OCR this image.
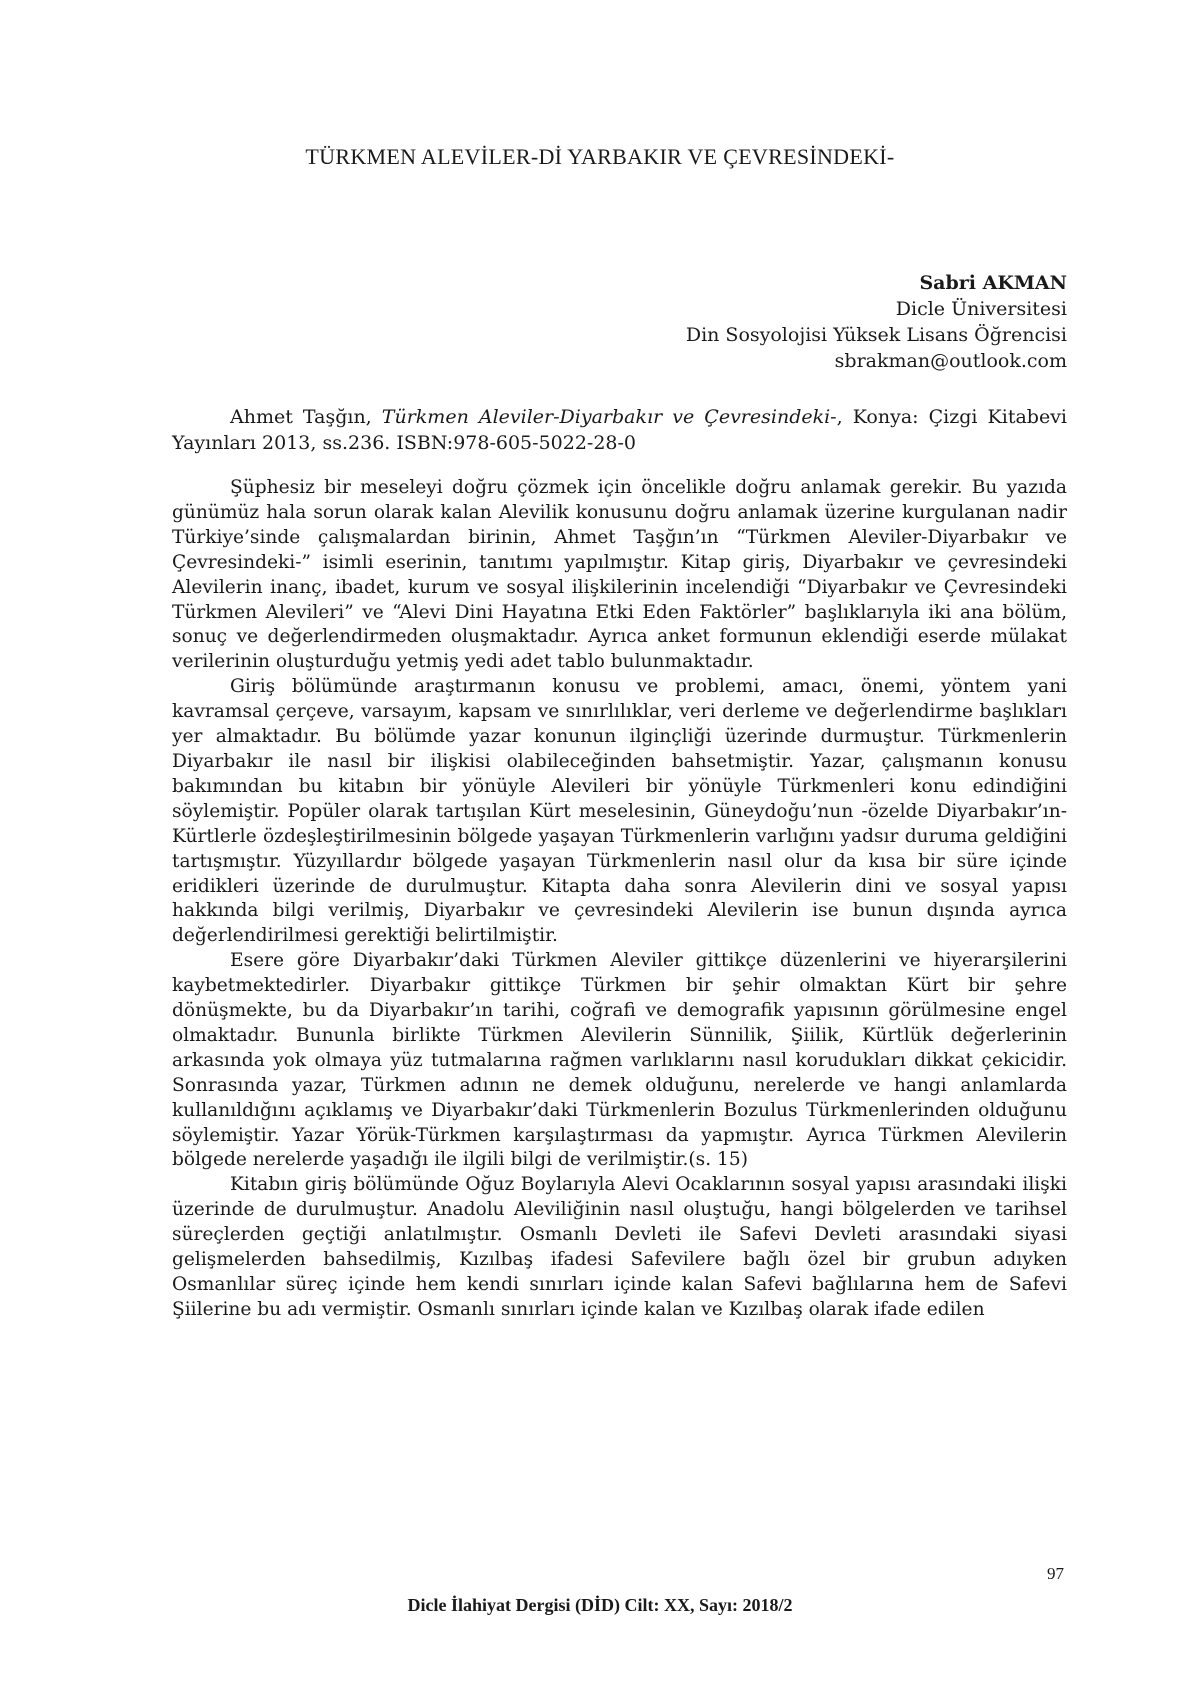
TÜRKMEN ALEVİLER-Dİ YARBAKIR VE ÇEVRESİNDEKİ-
Sabri AKMAN
Dicle Üniversitesi
Din Sosyolojisi Yüksek Lisans Öğrencisi
sbrakman@outlook.com

Ahmet Taşğın, Türkmen Aleviler-Diyarbakır ve Çevresindeki-, Konya: Çizgi Kitabevi Yayınları 2013, ss.236. ISBN:978-605-5022-28-0

Şüphesiz bir meseleyi doğru çözmek için öncelikle doğru anlamak gerekir. Bu yazıda günümüz hala sorun olarak kalan Alevilik konusunu doğru anlamak üzerine kurgulanan nadir Türkiye’sinde çalışmalardan birinin, Ahmet Taşğın’ın “Türkmen Aleviler-Diyarbakır ve Çevresindeki-” isimli eserinin, tanıtımı yapılmıştır. Kitap giriş, Diyarbakır ve çevresindeki Alevilerin inanç, ibadet, kurum ve sosyal ilişkilerinin incelendiği “Diyarbakır ve Çevresindeki Türkmen Alevileri” ve “Alevi Dini Hayatına Etki Eden Faktörler” başlıklarıyla iki ana bölüm, sonuç ve değerlendirmeden oluşmaktadır. Ayrıca anket formunun eklendiği eserde mülakat verilerinin oluşturduğu yetmiş yedi adet tablo bulunmaktadır.

Giriş bölümünde araştırmanın konusu ve problemi, amacı, önemi, yöntem yani kavramsal çerçeve, varsayım, kapsam ve sınırlılıklar, veri derleme ve değerlendirme başlıkları yer almaktadır. Bu bölümde yazar konunun ilginçliği üzerinde durmuştur. Türkmenlerin Diyarbakır ile nasıl bir ilişkisi olabileceğinden bahsetmiştir. Yazar, çalışmanın konusu bakımından bu kitabın bir yönüyle Alevileri bir yönüyle Türkmenleri konu edindiğini söylemiştir. Popüler olarak tartışılan Kürt meselesinin, Güneydoğu’nun -özelde Diyarbakır’ın- Kürtlerle özdeşleştirilmesinin bölgede yaşayan Türkmenlerin varlığını yadsır duruma geldiğini tartışmıştır. Yüzyıllardır bölgede yaşayan Türkmenlerin nasıl olur da kısa bir süre içinde eridikleri üzerinde de durulmuştur. Kitapta daha sonra Alevilerin dini ve sosyal yapısı hakkında bilgi verilmiş, Diyarbakır ve çevresindeki Alevilerin ise bunun dışında ayrıca değerlendirilmesi gerektiği belirtilmiştir.

Esere göre Diyarbakır’daki Türkmen Aleviler gittikçe düzenlerini ve hiyerarşilerini kaybetmektedirler. Diyarbakır gittikçe Türkmen bir şehir olmaktan Kürt bir şehre dönüşmekte, bu da Diyarbakır’ın tarihi, coğrafi ve demografik yapısının görülmesine engel olmaktadır. Bununla birlikte Türkmen Alevilerin Sünnilik, Şiilik, Kürtlük değerlerinin arkasında yok olmaya yüz tutmalarına rağmen varlıklarını nasıl korudukları dikkat çekicidir. Sonrasında yazar, Türkmen adının ne demek olduğunu, nerelerde ve hangi anlamlarda kullanıldığını açıklamış ve Diyarbakır’daki Türkmenlerin Bozulus Türkmenlerinden olduğunu söylemiştir. Yazar Yörük-Türkmen karşılaştırması da yapmıştır. Ayrıca Türkmen Alevilerin bölgede nerelerde yaşadığı ile ilgili bilgi de verilmiştir.(s. 15)

Kitabın giriş bölümünde Oğuz Boylarıyla Alevi Ocaklarının sosyal yapısı arasındaki ilişki üzerinde de durulmuştur. Anadolu Aleviliğinin nasıl oluştuğu, hangi bölgelerden ve tarihsel süreçlerden geçtiği anlatılmıştır. Osmanlı Devleti ile Safevi Devleti arasındaki siyasi gelişmelerden bahsedilmiş, Kızılbaş ifadesi Safevilere bağlı özel bir grubun adıyken Osmanlılar süreç içinde hem kendi sınırları içinde kalan Safevi bağlılarına hem de Safevi Şiilerine bu adı vermiştir. Osmanlı sınırları içinde kalan ve Kızılbaş olarak ifade edilen

97
Dicle İlahiyat Dergisi (DİD) Cilt: XX, Sayı: 2018/2
